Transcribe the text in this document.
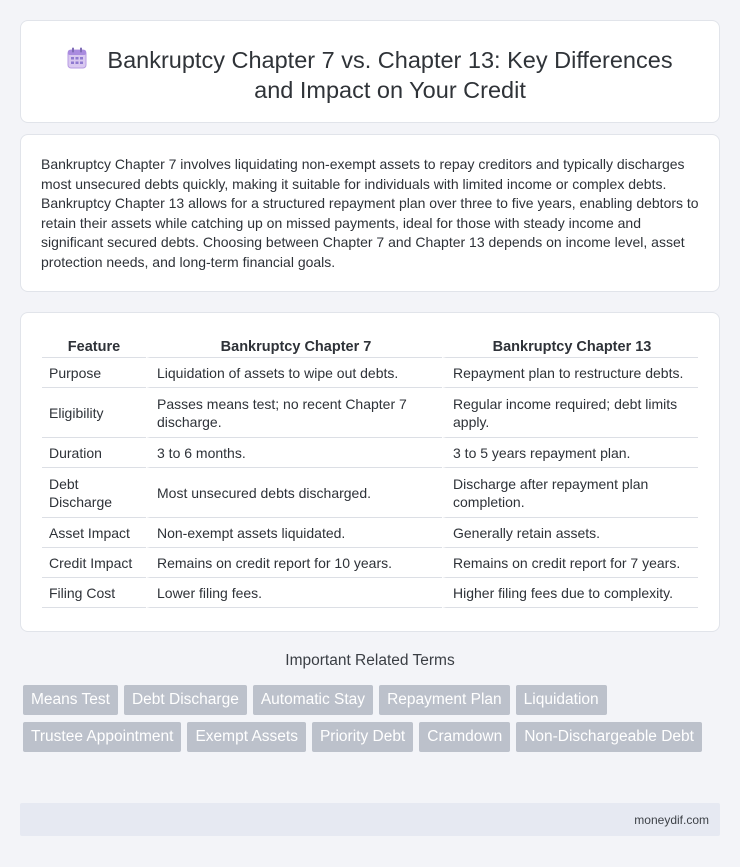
Bankruptcy Chapter 7 vs. Chapter 13: Key Differences and Impact on Your Credit

Bankruptcy Chapter 7 involves liquidating non-exempt assets to repay creditors and typically discharges most unsecured debts quickly, making it suitable for individuals with limited income or complex debts. Bankruptcy Chapter 13 allows for a structured repayment plan over three to five years, enabling debtors to retain their assets while catching up on missed payments, ideal for those with steady income and significant secured debts. Choosing between Chapter 7 and Chapter 13 depends on income level, asset protection needs, and long-term financial goals.

Feature	Bankruptcy Chapter 7	Bankruptcy Chapter 13
Purpose	Liquidation of assets to wipe out debts.	Repayment plan to restructure debts.
Eligibility	Passes means test; no recent Chapter 7 discharge.	Regular income required; debt limits apply.
Duration	3 to 6 months.	3 to 5 years repayment plan.
Debt Discharge	Most unsecured debts discharged.	Discharge after repayment plan completion.
Asset Impact	Non-exempt assets liquidated.	Generally retain assets.
Credit Impact	Remains on credit report for 10 years.	Remains on credit report for 7 years.
Filing Cost	Lower filing fees.	Higher filing fees due to complexity.
Important Related Terms
Means Test	Debt Discharge	Automatic Stay	Repayment Plan	Liquidation
Trustee Appointment	Exempt Assets	Priority Debt	Cramdown	Non-Dischargeable Debt
moneydif.com
